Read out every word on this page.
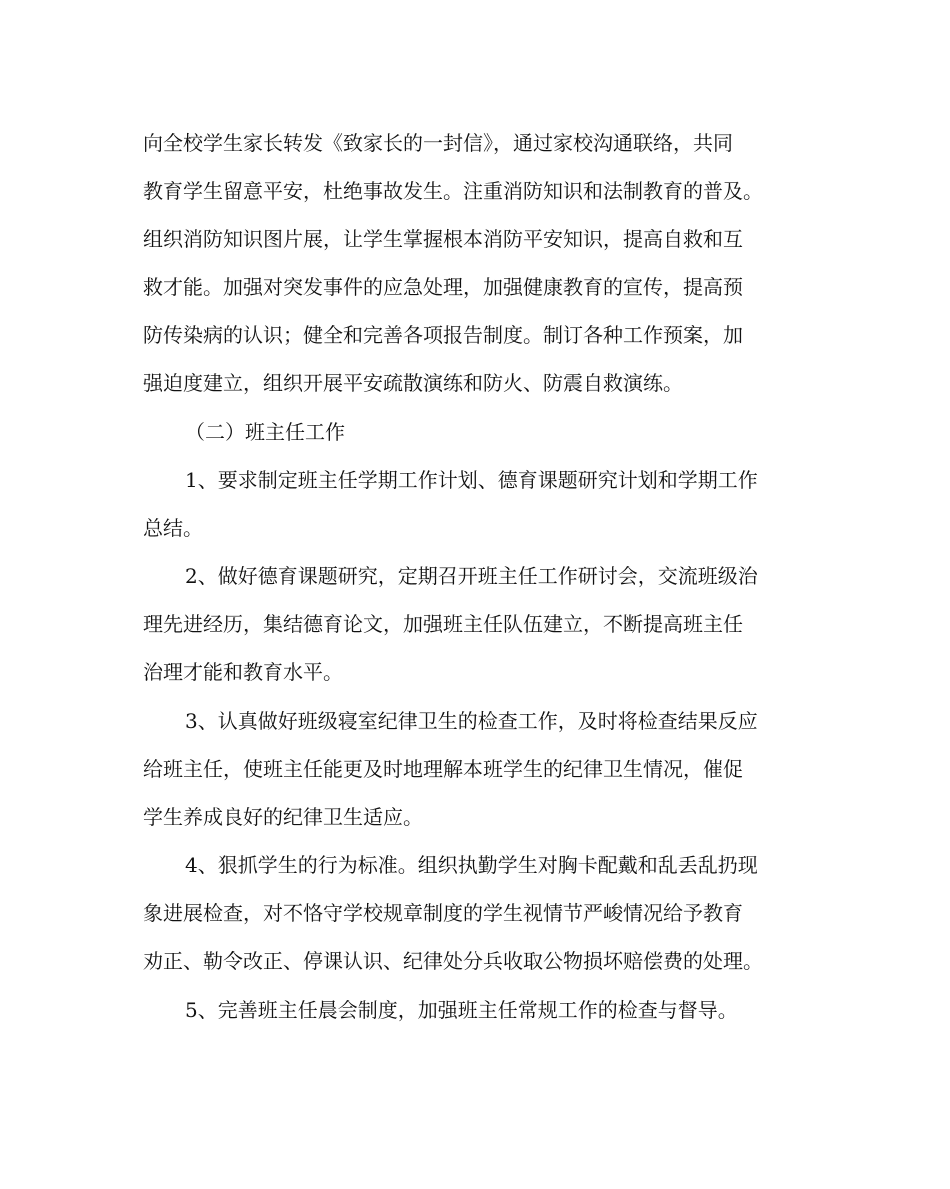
向全校学生家长转发《致家长的一封信》，通过家校沟通联络，共同
教育学生留意平安，杜绝事故发生。注重消防知识和法制教育的普及。
组织消防知识图片展，让学生掌握根本消防平安知识，提高自救和互
救才能。加强对突发事件的应急处理，加强健康教育的宣传，提高预
防传染病的认识；健全和完善各项报告制度。制订各种工作预案，加
强迫度建立，组织开展平安疏散演练和防火、防震自救演练。
（二）班主任工作
1、要求制定班主任学期工作计划、德育课题研究计划和学期工作
总结。
2、做好德育课题研究，定期召开班主任工作研讨会，交流班级治
理先进经历，集结德育论文，加强班主任队伍建立，不断提高班主任
治理才能和教育水平。
3、认真做好班级寝室纪律卫生的检查工作，及时将检查结果反应
给班主任，使班主任能更及时地理解本班学生的纪律卫生情况，催促
学生养成良好的纪律卫生适应。
4、狠抓学生的行为标准。组织执勤学生对胸卡配戴和乱丢乱扔现
象进展检查，对不恪守学校规章制度的学生视情节严峻情况给予教育
劝正、勒令改正、停课认识、纪律处分兵收取公物损坏赔偿费的处理。
5、完善班主任晨会制度，加强班主任常规工作的检查与督导。
